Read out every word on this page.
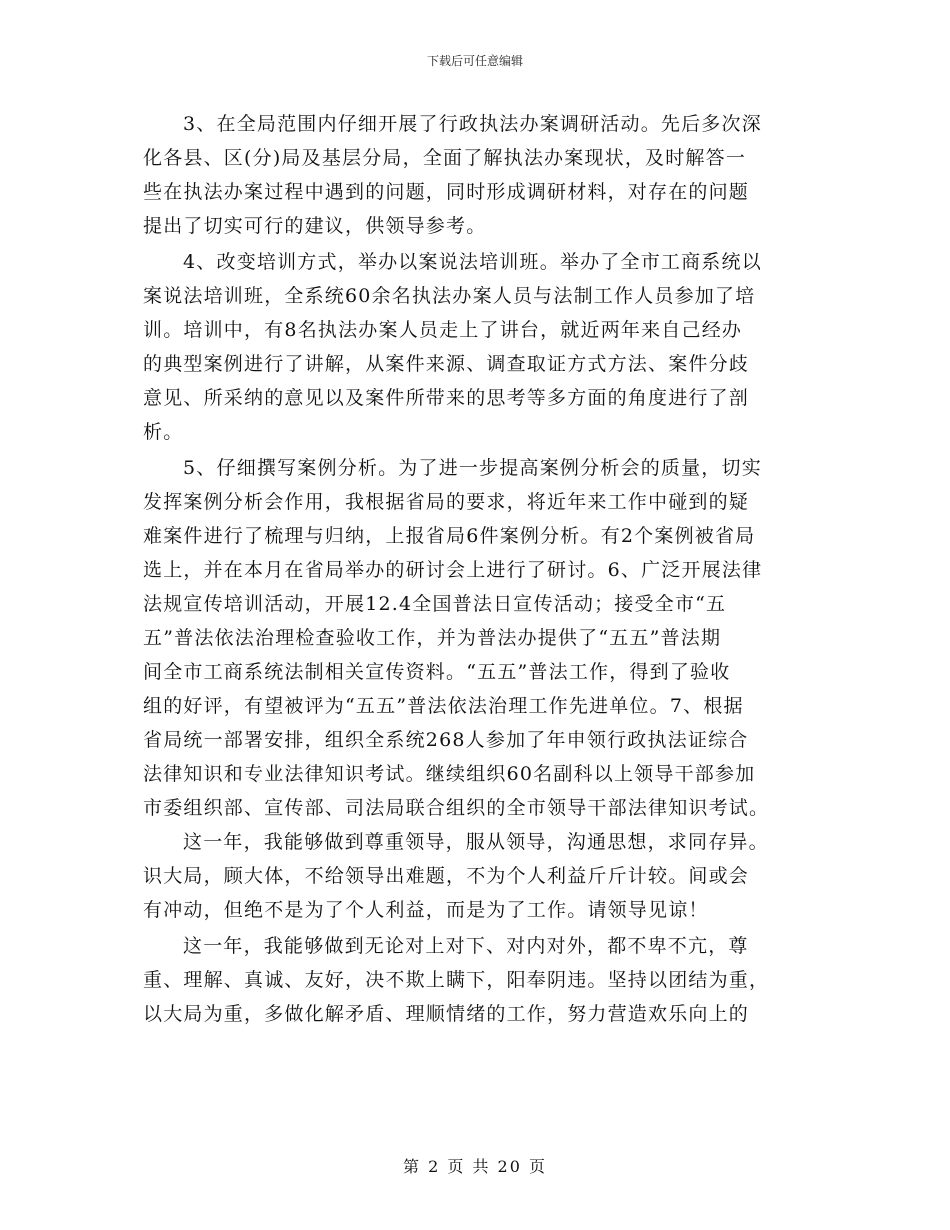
下载后可任意编辑
3、在全局范围内仔细开展了行政执法办案调研活动。先后多次深
化各县、区(分)局及基层分局，全面了解执法办案现状，及时解答一
些在执法办案过程中遇到的问题，同时形成调研材料，对存在的问题
提出了切实可行的建议，供领导参考。
4、改变培训方式，举办以案说法培训班。举办了全市工商系统以
案说法培训班，全系统60余名执法办案人员与法制工作人员参加了培
训。培训中，有8名执法办案人员走上了讲台，就近两年来自己经办
的典型案例进行了讲解，从案件来源、调查取证方式方法、案件分歧
意见、所采纳的意见以及案件所带来的思考等多方面的角度进行了剖
析。
5、仔细撰写案例分析。为了进一步提高案例分析会的质量，切实
发挥案例分析会作用，我根据省局的要求，将近年来工作中碰到的疑
难案件进行了梳理与归纳，上报省局6件案例分析。有2个案例被省局
选上，并在本月在省局举办的研讨会上进行了研讨。6、广泛开展法律
法规宣传培训活动，开展12.4全国普法日宣传活动；接受全市“五
五”普法依法治理检查验收工作，并为普法办提供了“五五”普法期
间全市工商系统法制相关宣传资料。“五五”普法工作，得到了验收
组的好评，有望被评为“五五”普法依法治理工作先进单位。7、根据
省局统一部署安排，组织全系统268人参加了年申领行政执法证综合
法律知识和专业法律知识考试。继续组织60名副科以上领导干部参加
市委组织部、宣传部、司法局联合组织的全市领导干部法律知识考试。
这一年，我能够做到尊重领导，服从领导，沟通思想，求同存异。
识大局，顾大体，不给领导出难题，不为个人利益斤斤计较。间或会
有冲动，但绝不是为了个人利益，而是为了工作。请领导见谅！
这一年，我能够做到无论对上对下、对内对外，都不卑不亢，尊
重、理解、真诚、友好，决不欺上瞒下，阳奉阴违。坚持以团结为重，
以大局为重，多做化解矛盾、理顺情绪的工作，努力营造欢乐向上的
第 2 页 共 20 页
